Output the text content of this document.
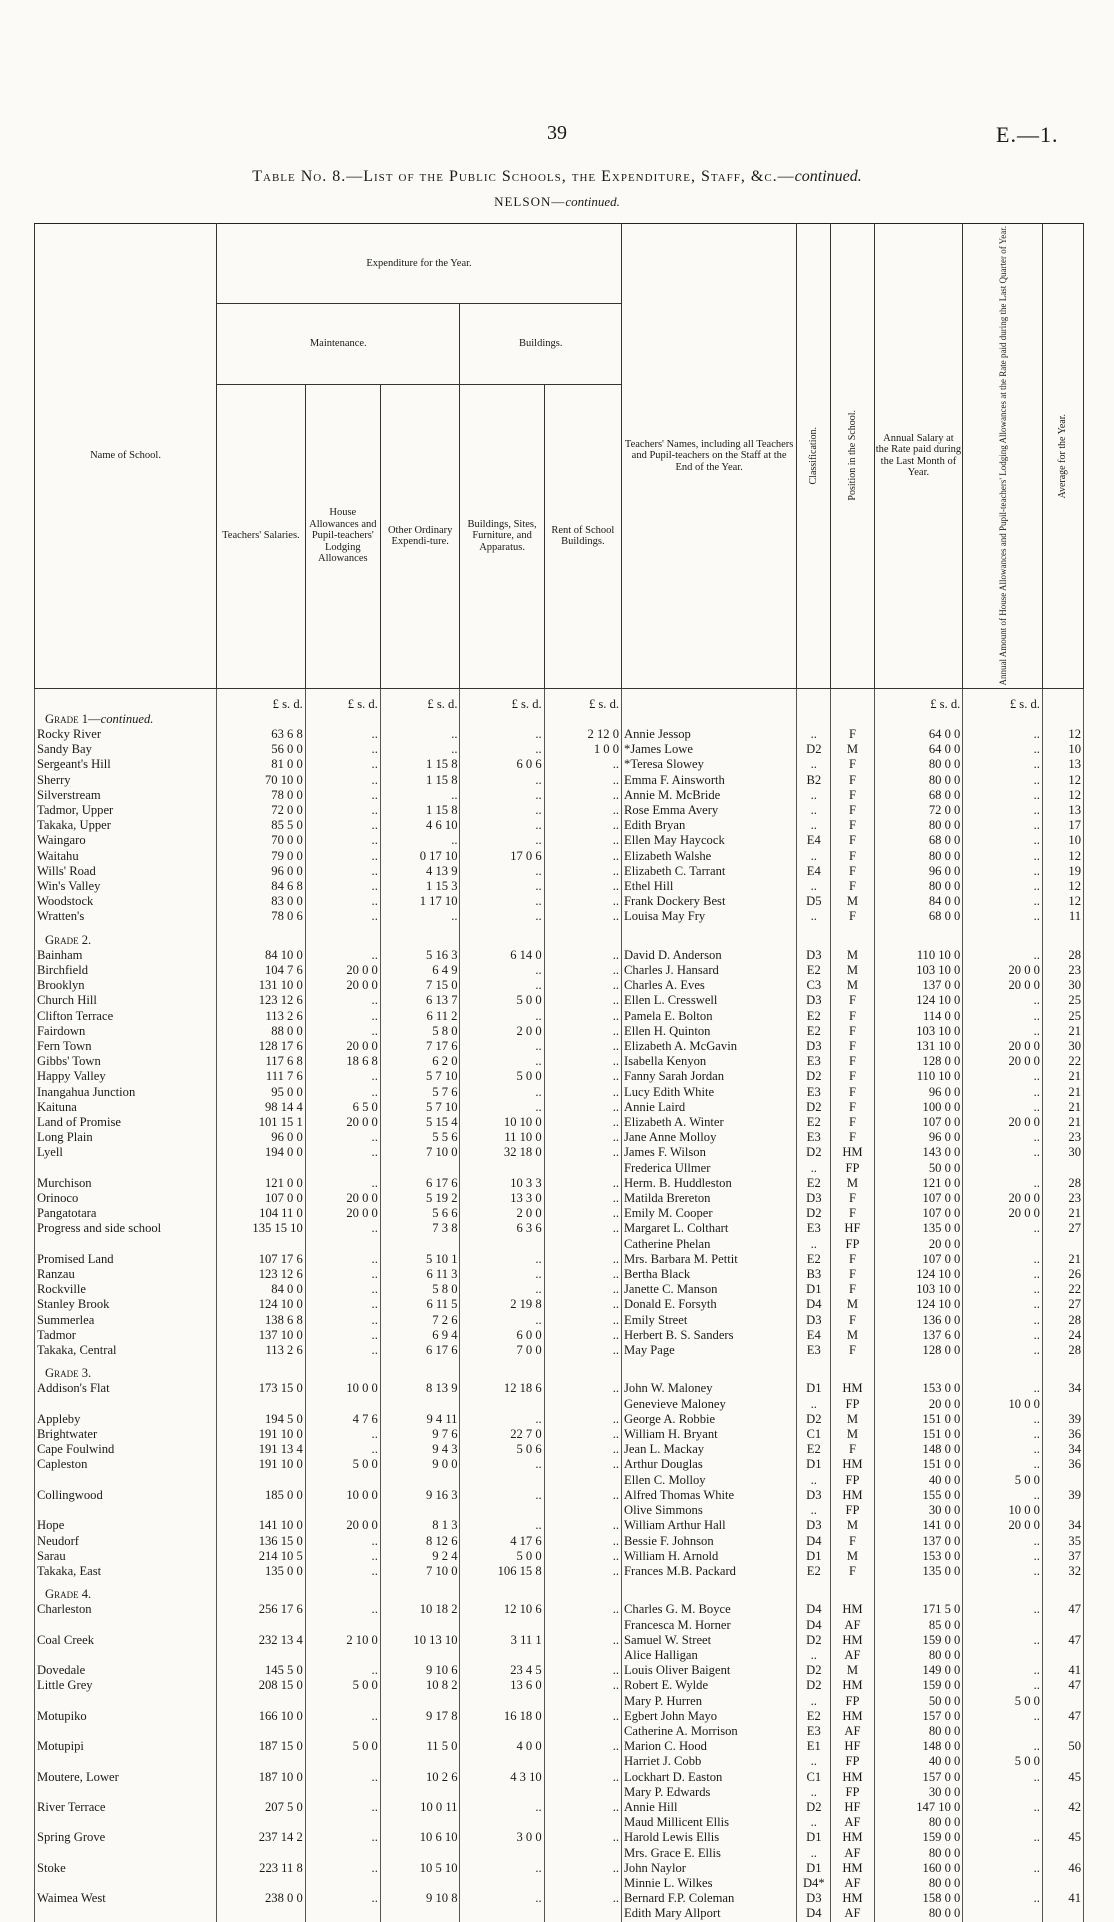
39	E.—1.
Table No. 8.—List of the Public Schools, the Expenditure, Staff, &c.—continued.
NELSON—continued.
Name of School.	Expenditure for the Year.					Teachers' Names, including all Teachers and Pupil-teachers on the Staff at the End of the Year.	Classification.	Position in the School.	Annual Salary at the Rate paid during the Last Month of Year.	Annual Amount of House Allowances and Pupil-teachers' Lodging Allowances at the Rate paid during the Last Quarter of Year.	Average for the Year.

	Maintenance.			Buildings.							
	Teachers' Salaries.	House Allowances and Pupil-teachers' Lodging Allowances	Other Ordinary Expendi-ture.	Buildings, Sites, Furniture, and Apparatus.	Rent of School Buildings.						

	£ s. d.	£ s. d.	£ s. d.	£ s. d.	£ s. d.				£ s. d.	£ s. d.	
Grade 1—continued.											
Rocky River	63 6 8	..	..	..	2 12 0	Annie Jessop	..	F	64 0 0	..	12
Sandy Bay	56 0 0	..	..	..	1 0 0	*James Lowe	D2	M	64 0 0	..	10
Sergeant's Hill	81 0 0	..	1 15 8	6 0 6	..	*Teresa Slowey	..	F	80 0 0	..	13
Sherry	70 10 0	..	1 15 8	..	..	Emma F. Ainsworth	B2	F	80 0 0	..	12
Silverstream	78 0 0	..	..	..	..	Annie M. McBride	..	F	68 0 0	..	12
Tadmor, Upper	72 0 0	..	1 15 8	..	..	Rose Emma Avery	..	F	72 0 0	..	13
Takaka, Upper	85 5 0	..	4 6 10	..	..	Edith Bryan	..	F	80 0 0	..	17
Waingaro	70 0 0	..	..	..	..	Ellen May Haycock	E4	F	68 0 0	..	10
Waitahu	79 0 0	..	0 17 10	17 0 6	..	Elizabeth Walshe	..	F	80 0 0	..	12
Wills' Road	96 0 0	..	4 13 9	..	..	Elizabeth C. Tarrant	E4	F	96 0 0	..	19
Win's Valley	84 6 8	..	1 15 3	..	..	Ethel Hill	..	F	80 0 0	..	12
Woodstock	83 0 0	..	1 17 10	..	..	Frank Dockery Best	D5	M	84 0 0	..	12
Wratten's	78 0 6	..	..	..	..	Louisa May Fry	..	F	68 0 0	..	11

Grade 2.											
Bainham	84 10 0	..	5 16 3	6 14 0	..	David D. Anderson	D3	M	110 10 0	..	28
Birchfield	104 7 6	20 0 0	6 4 9	..	..	Charles J. Hansard	E2	M	103 10 0	20 0 0	23
Brooklyn	131 10 0	20 0 0	7 15 0	..	..	Charles A. Eves	C3	M	137 0 0	20 0 0	30
Church Hill	123 12 6	..	6 13 7	5 0 0	..	Ellen L. Cresswell	D3	F	124 10 0	..	25
Clifton Terrace	113 2 6	..	6 11 2	..	..	Pamela E. Bolton	E2	F	114 0 0	..	25
Fairdown	88 0 0	..	5 8 0	2 0 0	..	Ellen H. Quinton	E2	F	103 10 0	..	21
Fern Town	128 17 6	20 0 0	7 17 6	..	..	Elizabeth A. McGavin	D3	F	131 10 0	20 0 0	30
Gibbs' Town	117 6 8	18 6 8	6 2 0	..	..	Isabella Kenyon	E3	F	128 0 0	20 0 0	22
Happy Valley	111 7 6	..	5 7 10	5 0 0	..	Fanny Sarah Jordan	D2	F	110 10 0	..	21
Inangahua Junction	95 0 0	..	5 7 6	..	..	Lucy Edith White	E3	F	96 0 0	..	21
Kaituna	98 14 4	6 5 0	5 7 10	..	..	Annie Laird	D2	F	100 0 0	..	21
Land of Promise	101 15 1	20 0 0	5 15 4	10 10 0	..	Elizabeth A. Winter	E2	F	107 0 0	20 0 0	21
Long Plain	96 0 0	..	5 5 6	11 10 0	..	Jane Anne Molloy	E3	F	96 0 0	..	23
Lyell	194 0 0	..	7 10 0	32 18 0	..	James F. Wilson	D2	HM	143 0 0	..	30
						Frederica Ullmer	..	FP	50 0 0		
Murchison	121 0 0	..	6 17 6	10 3 3	..	Herm. B. Huddleston	E2	M	121 0 0	..	28
Orinoco	107 0 0	20 0 0	5 19 2	13 3 0	..	Matilda Brereton	D3	F	107 0 0	20 0 0	23
Pangatotara	104 11 0	20 0 0	5 6 6	2 0 0	..	Emily M. Cooper	D2	F	107 0 0	20 0 0	21
Progress and side school	135 15 10	..	7 3 8	6 3 6	..	Margaret L. Colthart	E3	HF	135 0 0	..	27
						Catherine Phelan	..	FP	20 0 0		
Promised Land	107 17 6	..	5 10 1	..	..	Mrs. Barbara M. Pettit	E2	F	107 0 0	..	21
Ranzau	123 12 6	..	6 11 3	..	..	Bertha Black	B3	F	124 10 0	..	26
Rockville	84 0 0	..	5 8 0	..	..	Janette C. Manson	D1	F	103 10 0	..	22
Stanley Brook	124 10 0	..	6 11 5	2 19 8	..	Donald E. Forsyth	D4	M	124 10 0	..	27
Summerlea	138 6 8	..	7 2 6	..	..	Emily Street	D3	F	136 0 0	..	28
Tadmor	137 10 0	..	6 9 4	6 0 0	..	Herbert B. S. Sanders	E4	M	137 6 0	..	24
Takaka, Central	113 2 6	..	6 17 6	7 0 0	..	May Page	E3	F	128 0 0	..	28

Grade 3.											
Addison's Flat	173 15 0	10 0 0	8 13 9	12 18 6	..	John W. Maloney	D1	HM	153 0 0	..	34
						Genevieve Maloney	..	FP	20 0 0	10 0 0	
Appleby	194 5 0	4 7 6	9 4 11	..	..	George A. Robbie	D2	M	151 0 0	..	39
Brightwater	191 10 0	..	9 7 6	22 7 0	..	William H. Bryant	C1	M	151 0 0	..	36
Cape Foulwind	191 13 4	..	9 4 3	5 0 6	..	Jean L. Mackay	E2	F	148 0 0	..	34
Capleston	191 10 0	5 0 0	9 0 0	..	..	Arthur Douglas	D1	HM	151 0 0	..	36
						Ellen C. Molloy	..	FP	40 0 0	5 0 0	
Collingwood	185 0 0	10 0 0	9 16 3	..	..	Alfred Thomas White	D3	HM	155 0 0	..	39
						Olive Simmons	..	FP	30 0 0	10 0 0	
Hope	141 10 0	20 0 0	8 1 3	..	..	William Arthur Hall	D3	M	141 0 0	20 0 0	34
Neudorf	136 15 0	..	8 12 6	4 17 6	..	Bessie F. Johnson	D4	F	137 0 0	..	35
Sarau	214 10 5	..	9 2 4	5 0 0	..	William H. Arnold	D1	M	153 0 0	..	37
Takaka, East	135 0 0	..	7 10 0	106 15 8	..	Frances M.B. Packard	E2	F	135 0 0	..	32

Grade 4.											
Charleston	256 17 6	..	10 18 2	12 10 6	..	Charles G. M. Boyce	D4	HM	171 5 0	..	47
						Francesca M. Horner	D4	AF	85 0 0		
Coal Creek	232 13 4	2 10 0	10 13 10	3 11 1	..	Samuel W. Street	D2	HM	159 0 0	..	47
						Alice Halligan	..	AF	80 0 0		
Dovedale	145 5 0	..	9 10 6	23 4 5	..	Louis Oliver Baigent	D2	M	149 0 0	..	41
Little Grey	208 15 0	5 0 0	10 8 2	13 6 0	..	Robert E. Wylde	D2	HM	159 0 0	..	47
						Mary P. Hurren	..	FP	50 0 0	5 0 0	
Motupiko	166 10 0	..	9 17 8	16 18 0	..	Egbert John Mayo	E2	HM	157 0 0	..	47
						Catherine A. Morrison	E3	AF	80 0 0		
Motupipi	187 15 0	5 0 0	11 5 0	4 0 0	..	Marion C. Hood	E1	HF	148 0 0	..	50
						Harriet J. Cobb	..	FP	40 0 0	5 0 0	
Moutere, Lower	187 10 0	..	10 2 6	4 3 10	..	Lockhart D. Easton	C1	HM	157 0 0	..	45
						Mary P. Edwards	..	FP	30 0 0		
River Terrace	207 5 0	..	10 0 11	..	..	Annie Hill	D2	HF	147 10 0	..	42
						Maud Millicent Ellis	..	AF	80 0 0		
Spring Grove	237 14 2	..	10 6 10	3 0 0	..	Harold Lewis Ellis	D1	HM	159 0 0	..	45
						Mrs. Grace E. Ellis	..	AF	80 0 0		
Stoke	223 11 8	..	10 5 10	..	..	John Naylor	D1	HM	160 0 0	..	46
						Minnie L. Wilkes	D4*	AF	80 0 0		
Waimea West	238 0 0	..	9 10 8	..	..	Bernard F.P. Coleman	D3	HM	158 0 0	..	41
						Edith Mary Allport	D4	AF	80 0 0		
